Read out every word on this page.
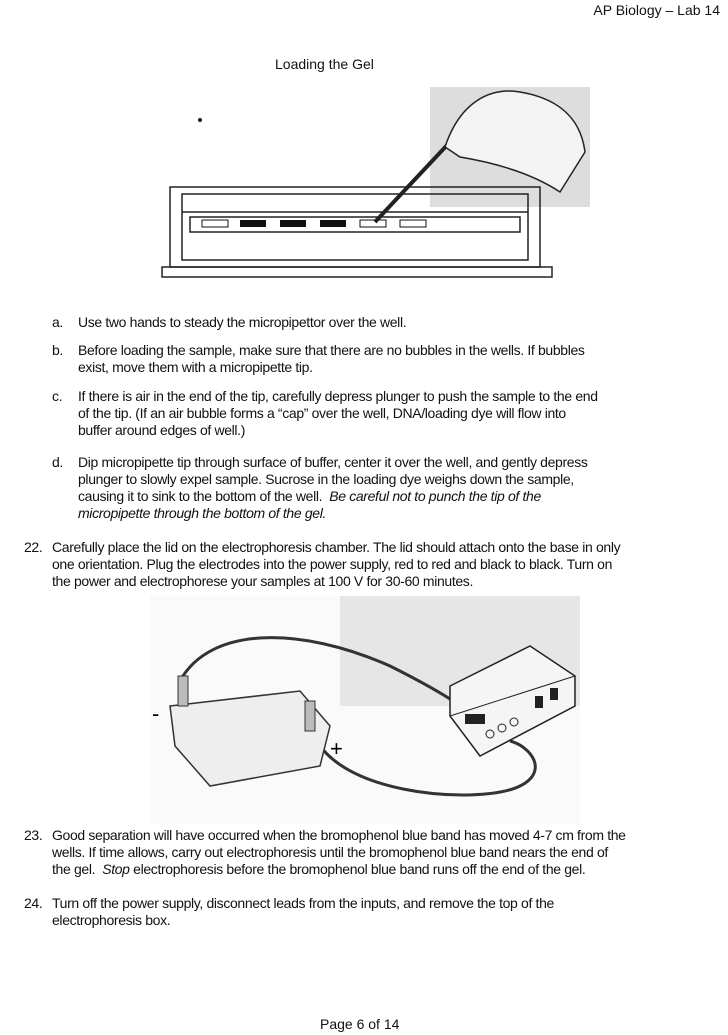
AP Biology – Lab 14
Loading the Gel
a. Use two hands to steady the micropipettor over the well.
b. Before loading the sample, make sure that there are no bubbles in the wells. If bubbles
exist, move them with a micropipette tip.
c. If there is air in the end of the tip, carefully depress plunger to push the sample to the end
of the tip. (If an air bubble forms a “cap” over the well, DNA/loading dye will flow into
buffer around edges of well.)
d. Dip micropipette tip through surface of buffer, center it over the well, and gently depress
plunger to slowly expel sample. Sucrose in the loading dye weighs down the sample,
causing it to sink to the bottom of the well.  Be careful not to punch the tip of the
micropipette through the bottom of the gel.
22. Carefully place the lid on the electrophoresis chamber. The lid should attach onto the base in only
one orientation. Plug the electrodes into the power supply, red to red and black to black. Turn on
the power and electrophorese your samples at 100 V for 30-60 minutes.
-
+
23. Good separation will have occurred when the bromophenol blue band has moved 4-7 cm from the
wells. If time allows, carry out electrophoresis until the bromophenol blue band nears the end of
the gel.  Stop electrophoresis before the bromophenol blue band runs off the end of the gel.
24. Turn off the power supply, disconnect leads from the inputs, and remove the top of the
electrophoresis box.
Page 6 of 14
